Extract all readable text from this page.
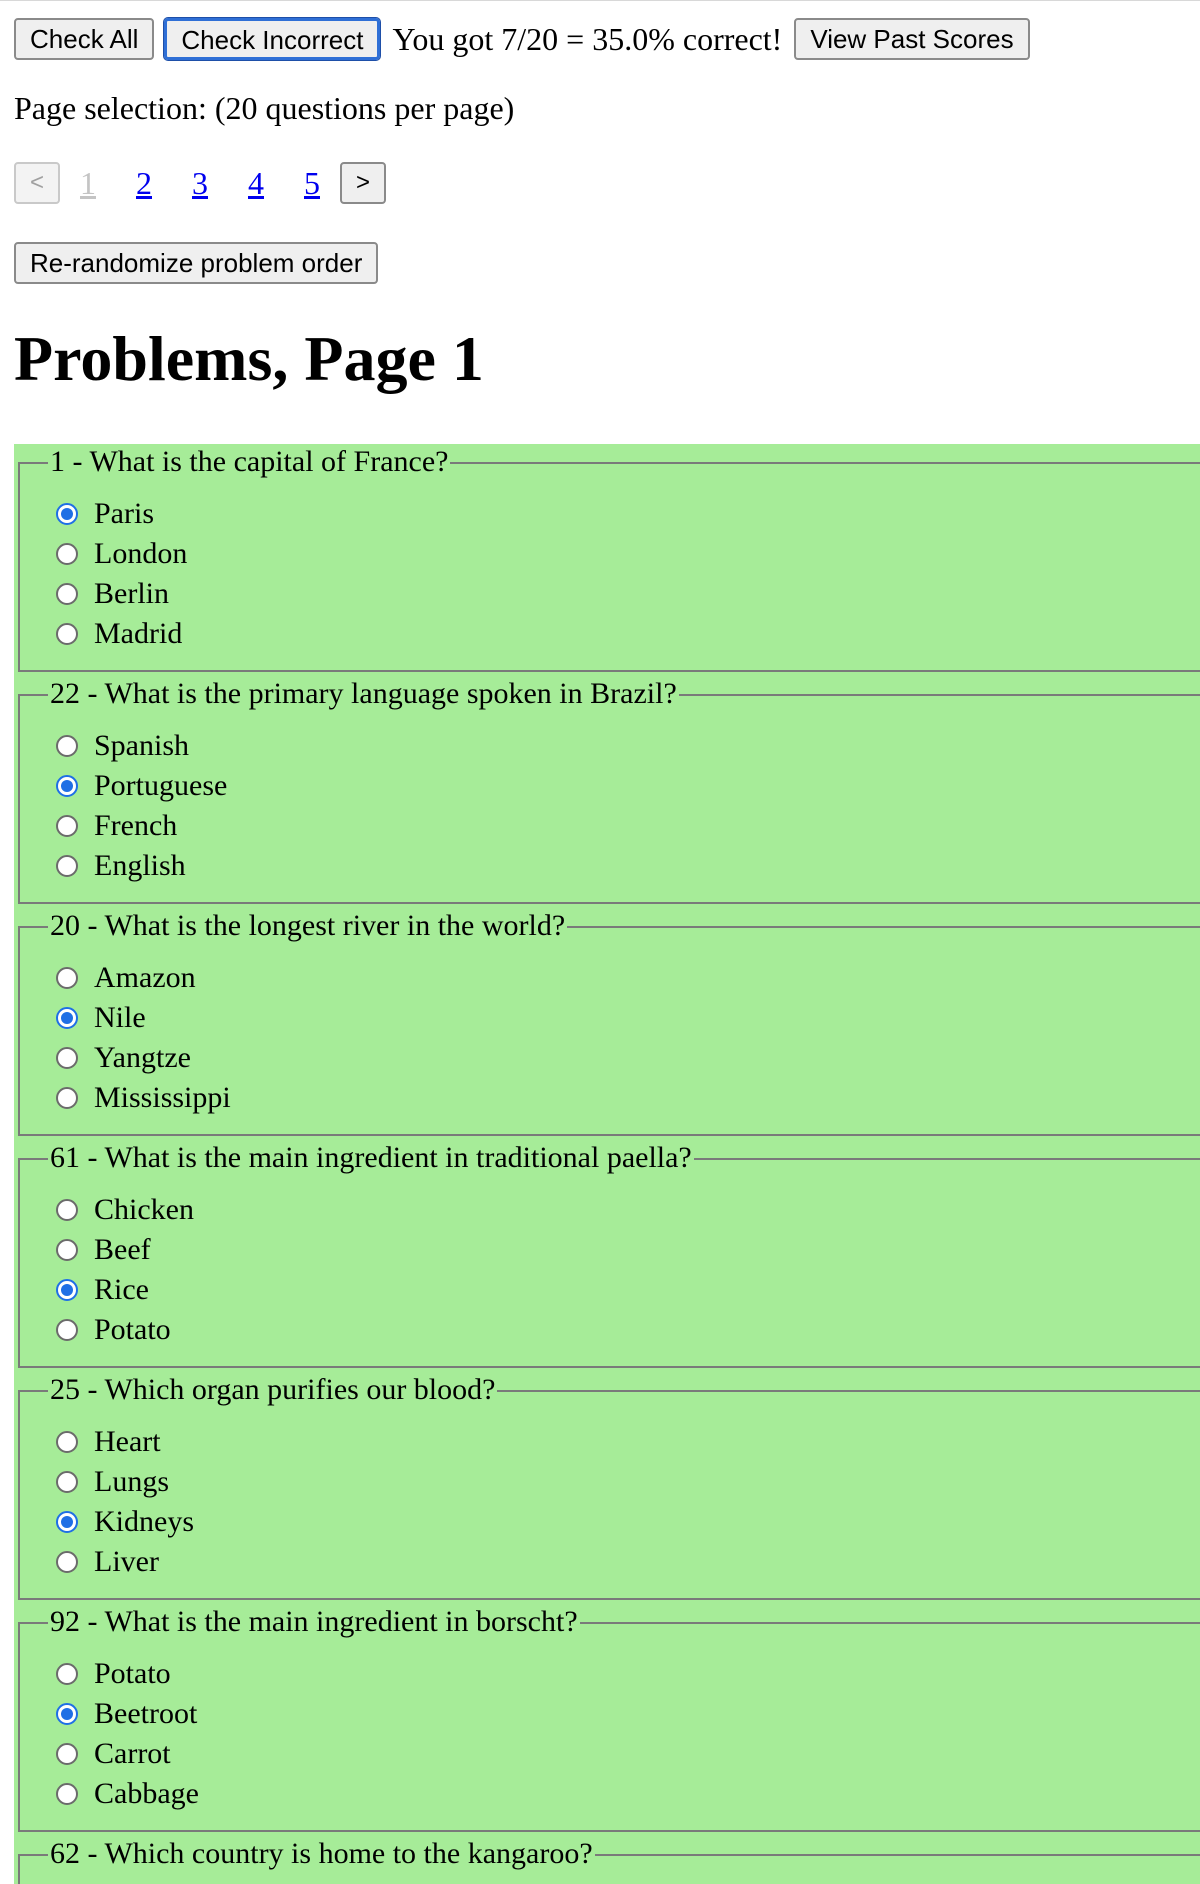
Check All	Check Incorrect You got 7/20 = 35.0% correct!	View Past Scores
Page selection: (20 questions per page)
<	1	2	3	4	5	>
Re-randomize problem order
Problems, Page 1
1 - What is the capital of France?
Paris
London
Berlin
Madrid
22 - What is the primary language spoken in Brazil?
Spanish
Portuguese
French
English
20 - What is the longest river in the world?
Amazon
Nile
Yangtze
Mississippi
61 - What is the main ingredient in traditional paella?
Chicken
Beef
Rice
Potato
25 - Which organ purifies our blood?
Heart
Lungs
Kidneys
Liver
92 - What is the main ingredient in borscht?
Potato
Beetroot
Carrot
Cabbage
62 - Which country is home to the kangaroo?
